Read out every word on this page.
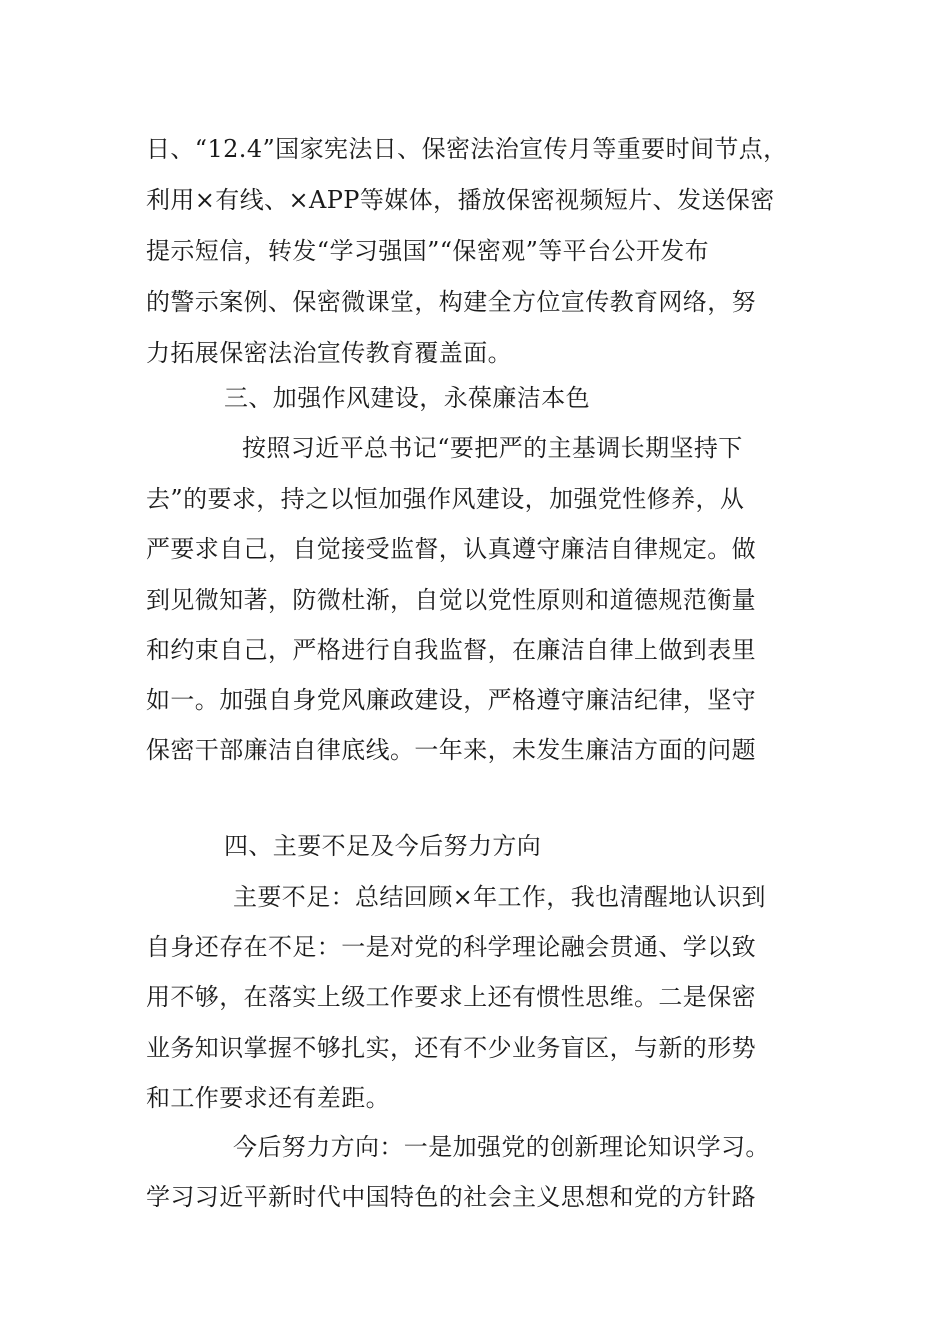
日、“12.4”国家宪法日、保密法治宣传月等重要时间节点，
利用×有线、×APP等媒体，播放保密视频短片、发送保密
提示短信，转发“学习强国”“保密观”等平台公开发布
的警示案例、保密微课堂，构建全方位宣传教育网络，努
力拓展保密法治宣传教育覆盖面。
三、加强作风建设，永葆廉洁本色
按照习近平总书记“要把严的主基调长期坚持下
去”的要求，持之以恒加强作风建设，加强党性修养，从
严要求自己，自觉接受监督，认真遵守廉洁自律规定。做
到见微知著，防微杜渐，自觉以党性原则和道德规范衡量
和约束自己，严格进行自我监督，在廉洁自律上做到表里
如一。加强自身党风廉政建设，严格遵守廉洁纪律，坚守
保密干部廉洁自律底线。一年来，未发生廉洁方面的问题
四、主要不足及今后努力方向
主要不足：总结回顾×年工作，我也清醒地认识到
自身还存在不足：一是对党的科学理论融会贯通、学以致
用不够，在落实上级工作要求上还有惯性思维。二是保密
业务知识掌握不够扎实，还有不少业务盲区，与新的形势
和工作要求还有差距。
今后努力方向：一是加强党的创新理论知识学习。
学习习近平新时代中国特色的社会主义思想和党的方针路
